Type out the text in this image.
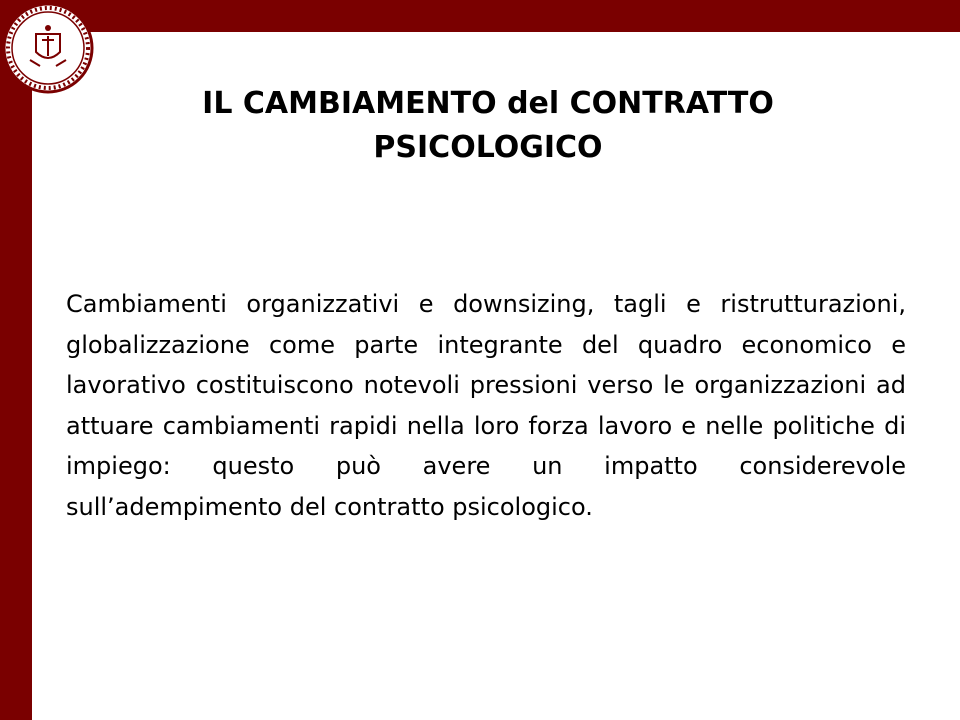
IL CAMBIAMENTO del CONTRATTO
PSICOLOGICO

Cambiamenti organizzativi e downsizing, tagli e ristrutturazioni, globalizzazione come parte integrante del quadro economico e lavorativo costituiscono notevoli pressioni verso le organizzazioni ad attuare cambiamenti rapidi nella loro forza lavoro e nelle politiche di impiego: questo può avere un impatto considerevole sull’adempimento del contratto psicologico.
